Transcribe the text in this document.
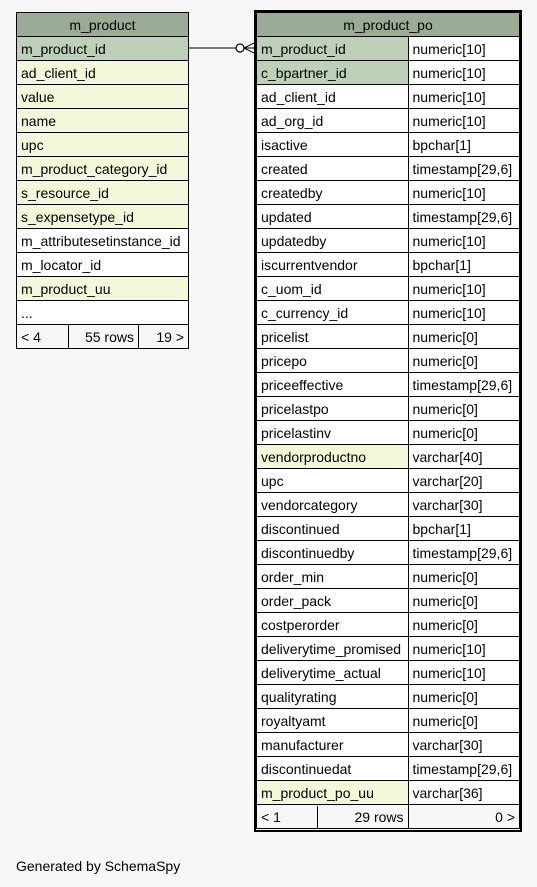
m_product
m_product_id
ad_client_id
value
name
upc
m_product_category_id
s_resource_id
s_expensetype_id
m_attributesetinstance_id
m_locator_id
m_product_uu
...
< 4	55 rows	19 >
m_product_po	
m_product_id	numeric[10]
c_bpartner_id	numeric[10]
ad_client_id	numeric[10]
ad_org_id	numeric[10]
isactive	bpchar[1]
created	timestamp[29,6]
createdby	numeric[10]
updated	timestamp[29,6]
updatedby	numeric[10]
iscurrentvendor	bpchar[1]
c_uom_id	numeric[10]
c_currency_id	numeric[10]
pricelist	numeric[0]
pricepo	numeric[0]
priceeffective	timestamp[29,6]
pricelastpo	numeric[0]
pricelastinv	numeric[0]
vendorproductno	varchar[40]
upc	varchar[20]
vendorcategory	varchar[30]
discontinued	bpchar[1]
discontinuedby	timestamp[29,6]
order_min	numeric[0]
order_pack	numeric[0]
costperorder	numeric[0]
deliverytime_promised	numeric[10]
deliverytime_actual	numeric[10]
qualityrating	numeric[0]
royaltyamt	numeric[0]
manufacturer	varchar[30]
discontinuedat	timestamp[29,6]
m_product_po_uu	varchar[36]

< 1 29 rows	0 >
Generated by SchemaSpy
